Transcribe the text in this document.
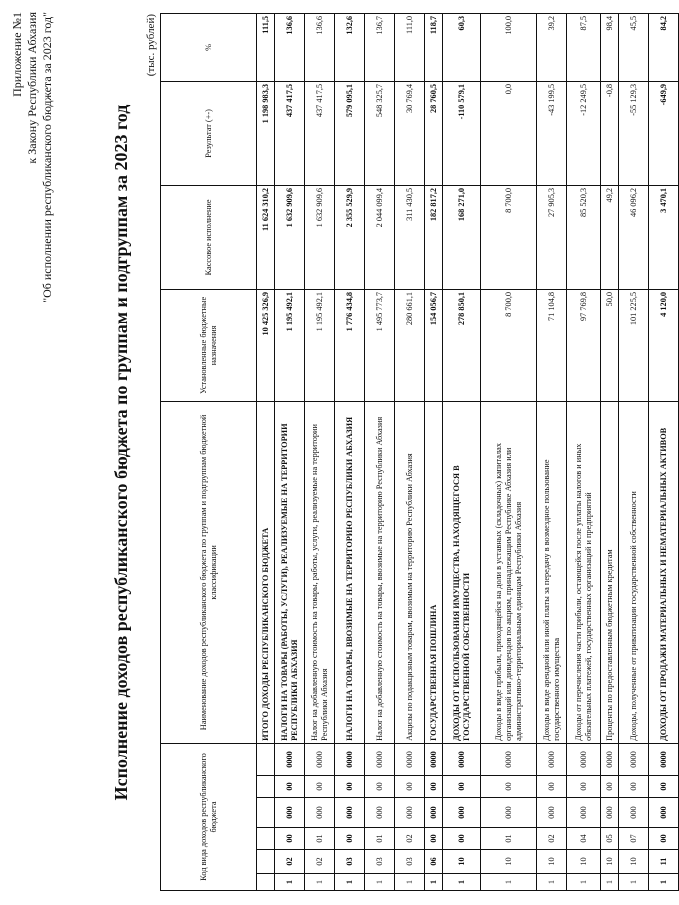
Приложение №1 к Закону Республики Абхазия "Об исполнении республиканского бюджета за 2023 год"	Исполнение доходов республиканского бюджета по группам и подгруппам за 2023 год
(тыс. рублей)
Код вида доходов республиканского бюджета						Наименование доходов республиканского бюджета по группам и подгруппам бюджетной классификации	Установленные бюджетные назначения	Кассовое исполнение	Результат (+-)	%
						ИТОГО ДОХОДЫ РЕСПУБЛИКАНСКОГО БЮДЖЕТА	10 425 326,9	11 624 310,2	1 198 983,3	111,5
1	02	00	000	00	0000	НАЛОГИ НА ТОВАРЫ (РАБОТЫ, УСЛУГИ), РЕАЛИЗУЕМЫЕ НА ТЕРРИТОРИИ РЕСПУБЛИКИ АБХАЗИЯ	1 195 492,1	1 632 909,6	437 417,5	136,6
1	02	01	000	00	0000	Налог на добавленную стоимость на товары, работы, услуги, реализуемые на территории Республики Абхазия	1 195 492,1	1 632 909,6	437 417,5	136,6
1	03	00	000	00	0000	НАЛОГИ НА ТОВАРЫ, ВВОЗИМЫЕ НА ТЕРРИТОРИЮ РЕСПУБЛИКИ АБХАЗИЯ	1 776 434,8	2 355 529,9	579 095,1	132,6
1	03	01	000	00	0000	Налог на добавленную стоимость на товары, ввозимые на территорию Республики Абхазия	1 495 773,7	2 044 099,4	548 325,7	136,7
1	03	02	000	00	0000	Акцизы по подакцизным товарам, ввозимым на территорию Республики Абхазия	280 661,1	311 430,5	30 769,4	111,0
1	06	00	000	00	0000	ГОСУДАРСТВЕННАЯ ПОШЛИНА	154 056,7	182 817,2	28 760,5	118,7
1	10	00	000	00	0000	ДОХОДЫ ОТ ИСПОЛЬЗОВАНИЯ ИМУЩЕСТВА, НАХОДЯЩЕГОСЯ В ГОСУДАРСТВЕННОЙ СОБСТВЕННОСТИ	278 850,1	168 271,0	-110 579,1	60,3
1	10	01	000	00	0000	Доходы в виде прибыли, приходящейся на доли в уставных (складочных) капиталах организаций или дивидендов по акциям, принадлежащим Республике Абхазия или административно-территориальным единицам Республики Абхазия	8 700,0	8 700,0	0,0	100,0
1	10	02	000	00	0000	Доходы в виде арендной или иной платы за передачу в возмездное пользование государственного имущества	71 104,8	27 905,3	-43 199,5	39,2
1	10	04	000	00	0000	Доходы от перечисления части прибыли, остающейся после уплаты налогов и иных обязательных платежей, государственных организаций и предприятий	97 769,8	85 520,3	-12 249,5	87,5
1	10	05	000	00	0000	Проценты по предоставленным бюджетным кредитам	50,0	49,2	-0,8	98,4
1	10	07	000	00	0000	Доходы, полученные от приватизации государственной собственности	101 225,5	46 096,2	-55 129,3	45,5
1	11	00	000	00	0000	ДОХОДЫ ОТ ПРОДАЖИ МАТЕРИАЛЬНЫХ И НЕМАТЕРИАЛЬНЫХ АКТИВОВ	4 120,0	3 470,1	-649,9	84,2
